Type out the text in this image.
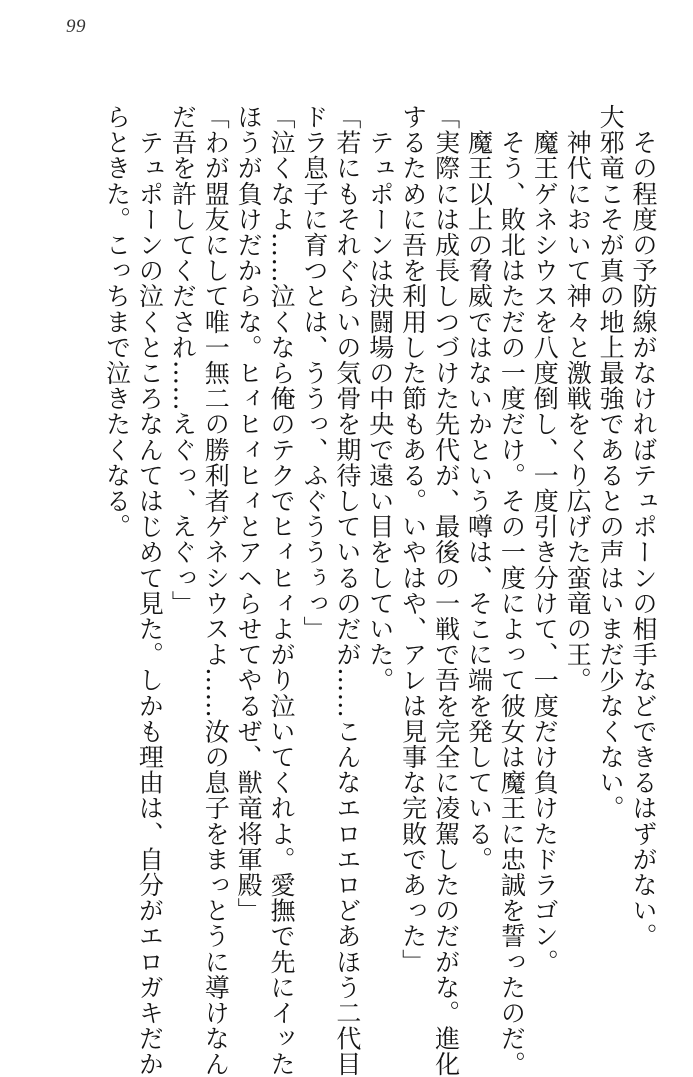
99

　その程度の予防線がなければテュポーンの相手などできるはずがない。

大邪竜こそが真の地上最強であるとの声はいまだ少なくない。

　神代において神々と激戦をくり広げた蛮竜の王。

　魔王ゲネシウスを八度倒し、一度引き分けて、一度だけ負けたドラゴン。

　そう、敗北はただの一度だけ。その一度によって彼女は魔王に忠誠を誓ったのだ。

　魔王以上の脅威ではないかという噂は、そこに端を発している。

「実際には成長しつづけた先代が、最後の一戦で吾を完全に凌駕したのだがな。進化

するために吾を利用した節もある。いやはや、アレは見事な完敗であった」

　テュポーンは決闘場の中央で遠い目をしていた。

「若にもそれぐらいの気骨を期待しているのだが……こんなエロエロどあほう二代目

ドラ息子に育つとは、ううっ、ふぐううぅっ」

「泣くなよ……泣くなら俺のテクでヒィヒィよがり泣いてくれよ。愛撫で先にイッた

ほうが負けだからな。ヒィヒィヒィとアヘらせてやるぜ、獣竜将軍殿」

「わが盟友にして唯一無二の勝利者ゲネシウスよ……汝の息子をまっとうに導けなん

だ吾を許してくだされ……えぐっ、えぐっ」

　テュポーンの泣くところなんてはじめて見た。しかも理由は、自分がエロガキだか

らときた。こっちまで泣きたくなる。
